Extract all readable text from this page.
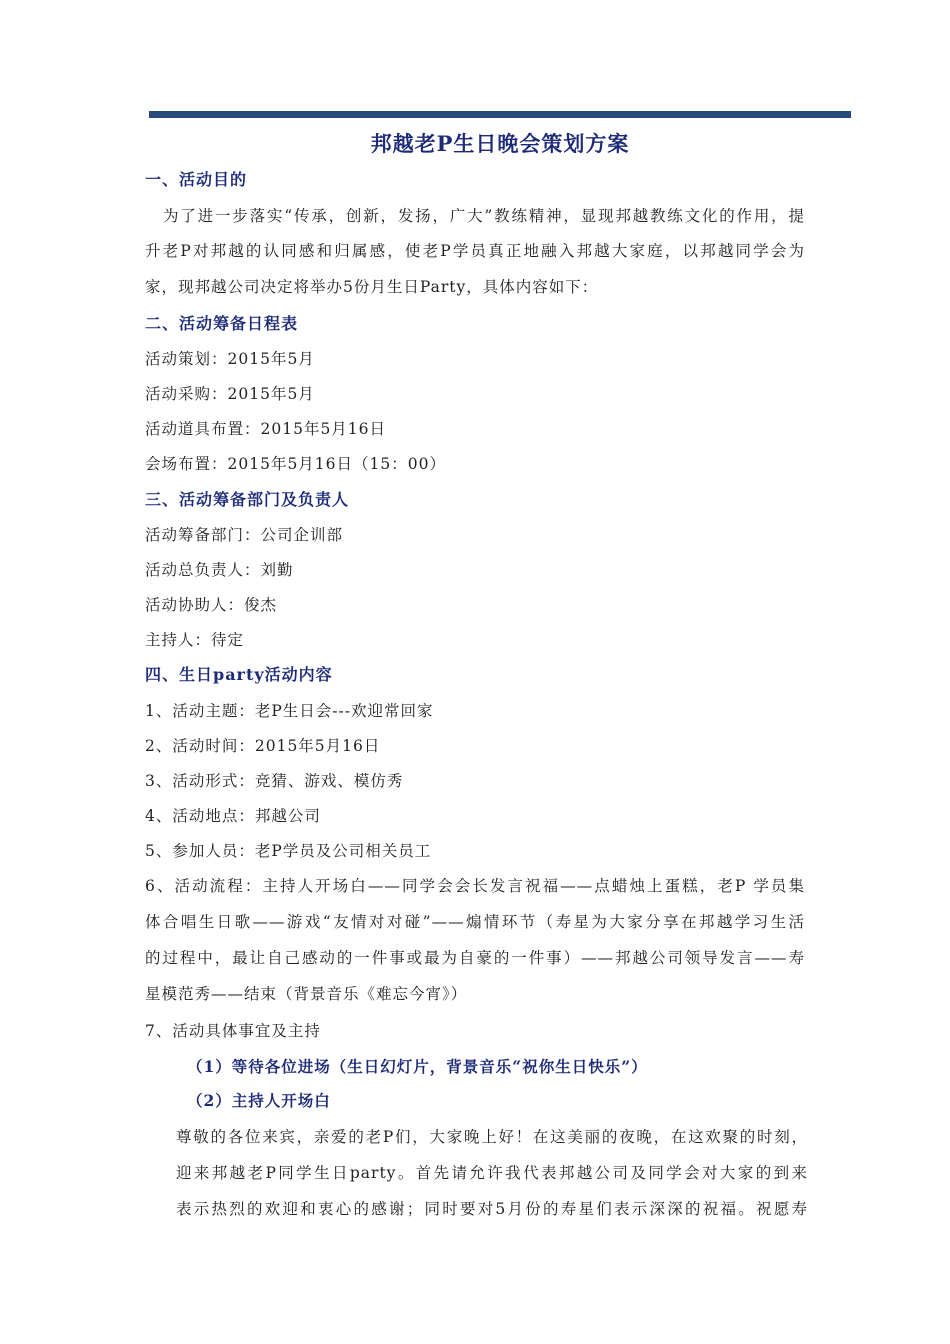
邦越老P生日晚会策划方案
一、活动目的
为了进一步落实“传承，创新，发扬，广大”教练精神，显现邦越教练文化的作用，提
升老P对邦越的认同感和归属感，使老P学员真正地融入邦越大家庭，以邦越同学会为
家，现邦越公司决定将举办5份月生日Party，具体内容如下：
二、活动筹备日程表
活动策划：2015年5月
活动采购：2015年5月
活动道具布置：2015年5月16日
会场布置：2015年5月16日（15：00）
三、活动筹备部门及负责人
活动筹备部门：公司企训部
活动总负责人：刘勤
活动协助人：俊杰
主持人：待定
四、生日party活动内容
1、活动主题：老P生日会---欢迎常回家
2、活动时间：2015年5月16日
3、活动形式：竞猜、游戏、模仿秀
4、活动地点：邦越公司
5、参加人员：老P学员及公司相关员工
6、活动流程：主持人开场白——同学会会长发言祝福——点蜡烛上蛋糕，老P 学员集
体合唱生日歌——游戏“友情对对碰”——煽情环节（寿星为大家分享在邦越学习生活
的过程中，最让自己感动的一件事或最为自豪的一件事）——邦越公司领导发言——寿
星模范秀——结束（背景音乐《难忘今宵》）
7、活动具体事宜及主持
（1）等待各位进场（生日幻灯片，背景音乐“祝你生日快乐”）
（2）主持人开场白
尊敬的各位来宾，亲爱的老P们，大家晚上好！在这美丽的夜晚，在这欢聚的时刻，
迎来邦越老P同学生日party。首先请允许我代表邦越公司及同学会对大家的到来
表示热烈的欢迎和衷心的感谢；同时要对5月份的寿星们表示深深的祝福。祝愿寿
